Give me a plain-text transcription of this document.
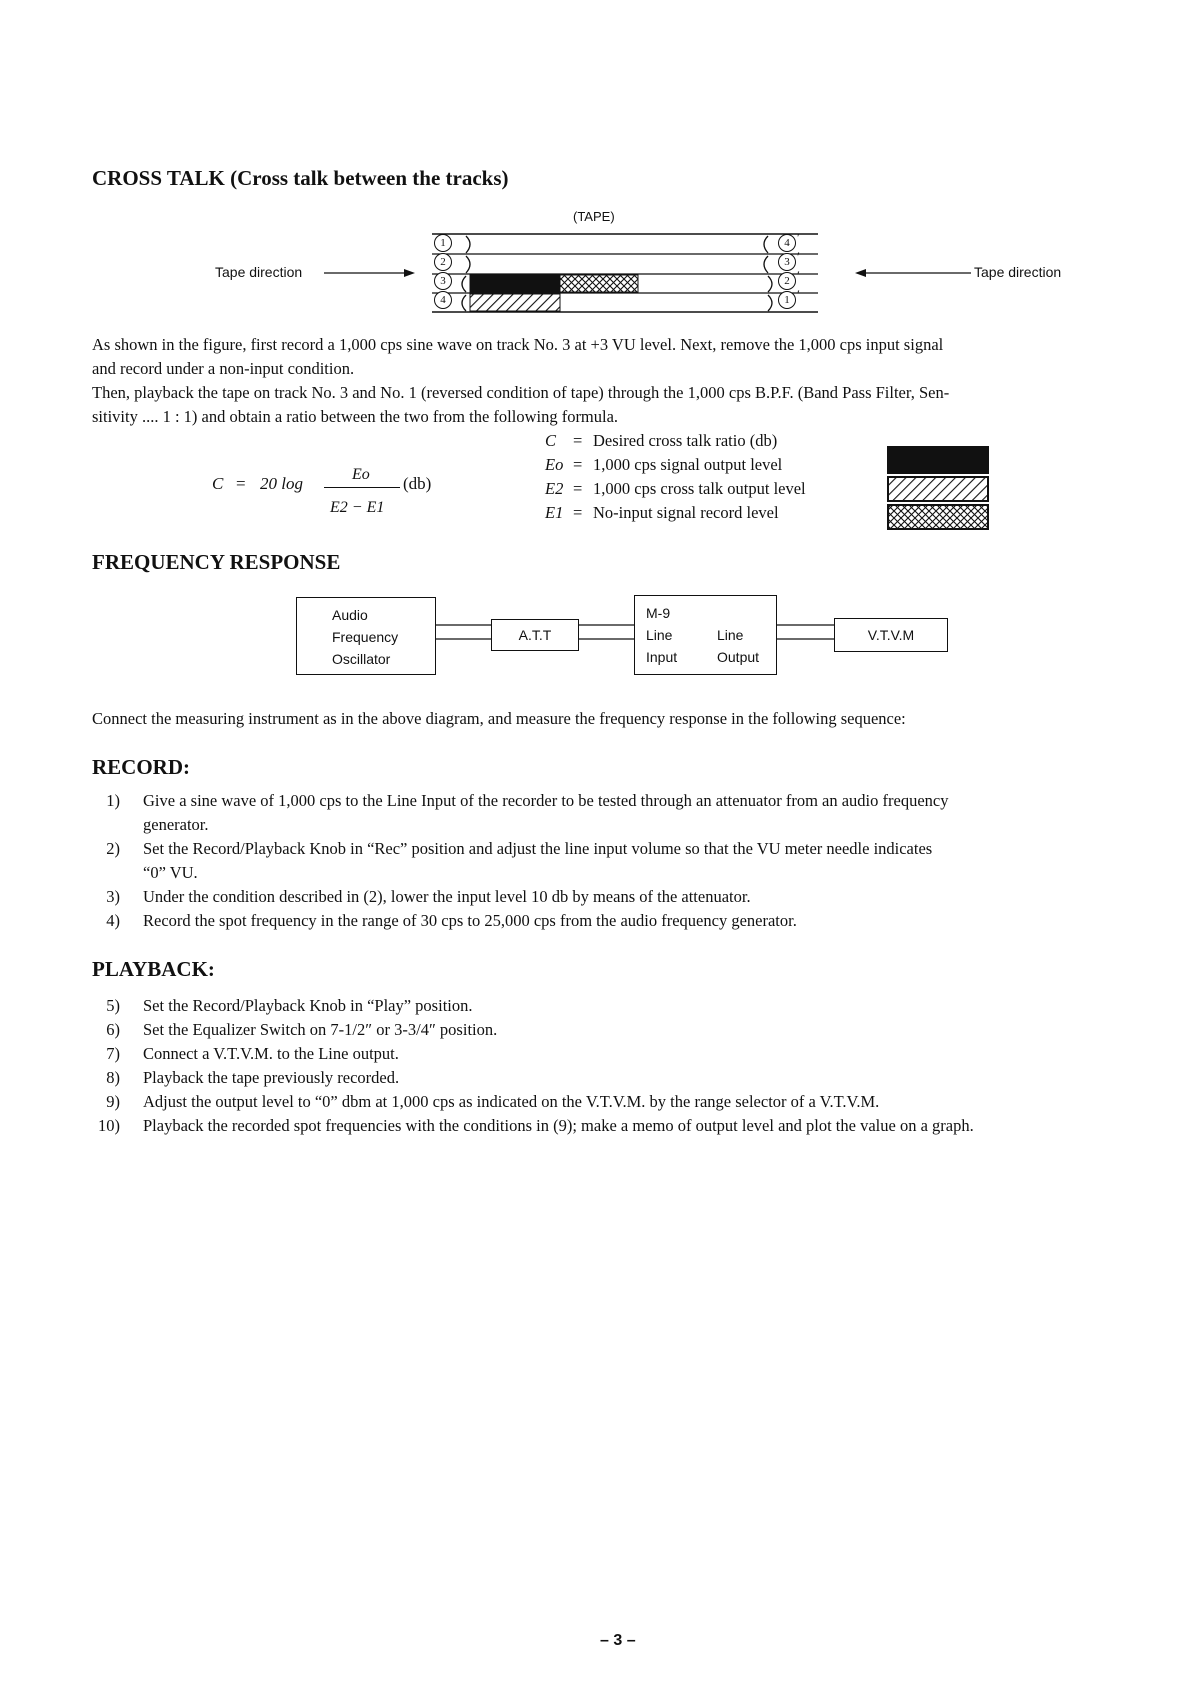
CROSS TALK (Cross talk between the tracks)
(TAPE)
Tape direction	Tape direction
1
2
3
4
4
3
2
1
′
′
′
′
As shown in the figure, first record a 1,000 cps sine wave on track No. 3 at +3 VU level. Next, remove the 1,000 cps input signal
and record under a non-input condition.
Then, playback the tape on track No. 3 and No. 1 (reversed condition of tape) through the 1,000 cps B.P.F. (Band Pass Filter, Sen-
sitivity .... 1 : 1) and obtain a ratio between the two from the following formula.
C = 20 log	Eo (db)
E2 − E1
C = Desired cross talk ratio (db)
Eo = 1,000 cps signal output level
E2 = 1,000 cps cross talk output level
E1 = No-input signal record level
FREQUENCY RESPONSE
Audio
Frequency
Oscillator
A.T.T
M-9
Line
Input
Line
Output
V.T.V.M
Connect the measuring instrument as in the above diagram, and measure the frequency response in the following sequence:
RECORD:
1) Give a sine wave of 1,000 cps to the Line Input of the recorder to be tested through an attenuator from an audio frequency
generator.
2) Set the Record/Playback Knob in “Rec” position and adjust the line input volume so that the VU meter needle indicates
“0” VU.
3) Under the condition described in (2), lower the input level 10 db by means of the attenuator.
4) Record the spot frequency in the range of 30 cps to 25,000 cps from the audio frequency generator.
PLAYBACK:
5) Set the Record/Playback Knob in “Play” position.
6) Set the Equalizer Switch on 7-1/2″ or 3-3/4″ position.
7) Connect a V.T.V.M. to the Line output.
8) Playback the tape previously recorded.
9) Adjust the output level to “0” dbm at 1,000 cps as indicated on the V.T.V.M. by the range selector of a V.T.V.M.
10) Playback the recorded spot frequencies with the conditions in (9); make a memo of output level and plot the value on a graph.
– 3 –
